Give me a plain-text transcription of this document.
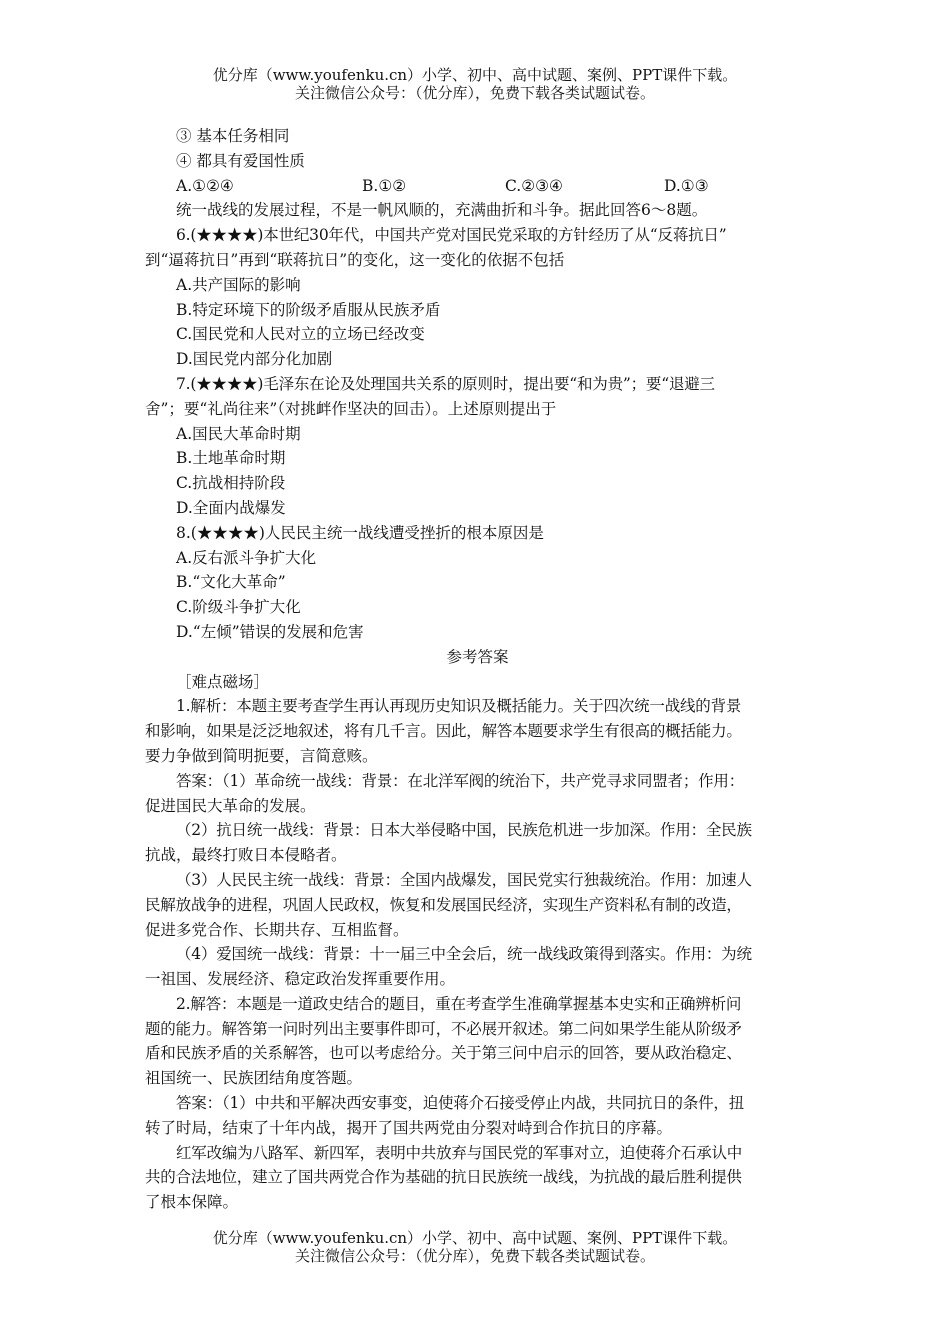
优分库（www.youfenku.cn）小学、初中、高中试题、案例、PPT课件下载。
关注微信公众号：（优分库），免费下载各类试题试卷。
③ 基本任务相同
④ 都具有爱国性质
A.①②④	B.①②	C.②③④	D.①③
统一战线的发展过程，不是一帆风顺的，充满曲折和斗争。据此回答6～8题。
6.(★★★★)本世纪30年代，中国共产党对国民党采取的方针经历了从“反蒋抗日”
到“逼蒋抗日”再到“联蒋抗日”的变化，这一变化的依据不包括
A.共产国际的影响
B.特定环境下的阶级矛盾服从民族矛盾
C.国民党和人民对立的立场已经改变
D.国民党内部分化加剧
7.(★★★★)毛泽东在论及处理国共关系的原则时，提出要“和为贵”；要“退避三
舍”；要“礼尚往来”（对挑衅作坚决的回击）。上述原则提出于
A.国民大革命时期
B.土地革命时期
C.抗战相持阶段
D.全面内战爆发
8.(★★★★)人民民主统一战线遭受挫折的根本原因是
A.反右派斗争扩大化
B.“文化大革命”
C.阶级斗争扩大化
D.“左倾”错误的发展和危害
参考答案
［难点磁场］
1.解析：本题主要考查学生再认再现历史知识及概括能力。关于四次统一战线的背景
和影响，如果是泛泛地叙述，将有几千言。因此，解答本题要求学生有很高的概括能力。
要力争做到简明扼要，言简意赅。
答案：（1）革命统一战线：背景：在北洋军阀的统治下，共产党寻求同盟者；作用：
促进国民大革命的发展。
（2）抗日统一战线：背景：日本大举侵略中国，民族危机进一步加深。作用：全民族
抗战，最终打败日本侵略者。
（3）人民民主统一战线：背景：全国内战爆发，国民党实行独裁统治。作用：加速人
民解放战争的进程，巩固人民政权，恢复和发展国民经济，实现生产资料私有制的改造，
促进多党合作、长期共存、互相监督。
（4）爱国统一战线：背景：十一届三中全会后，统一战线政策得到落实。作用：为统
一祖国、发展经济、稳定政治发挥重要作用。
2.解答：本题是一道政史结合的题目，重在考查学生准确掌握基本史实和正确辨析问
题的能力。解答第一问时列出主要事件即可，不必展开叙述。第二问如果学生能从阶级矛
盾和民族矛盾的关系解答，也可以考虑给分。关于第三问中启示的回答，要从政治稳定、
祖国统一、民族团结角度答题。
答案：（1）中共和平解决西安事变，迫使蒋介石接受停止内战，共同抗日的条件，扭
转了时局，结束了十年内战，揭开了国共两党由分裂对峙到合作抗日的序幕。
红军改编为八路军、新四军，表明中共放弃与国民党的军事对立，迫使蒋介石承认中
共的合法地位，建立了国共两党合作为基础的抗日民族统一战线，为抗战的最后胜利提供
了根本保障。
优分库（www.youfenku.cn）小学、初中、高中试题、案例、PPT课件下载。
关注微信公众号：（优分库），免费下载各类试题试卷。
